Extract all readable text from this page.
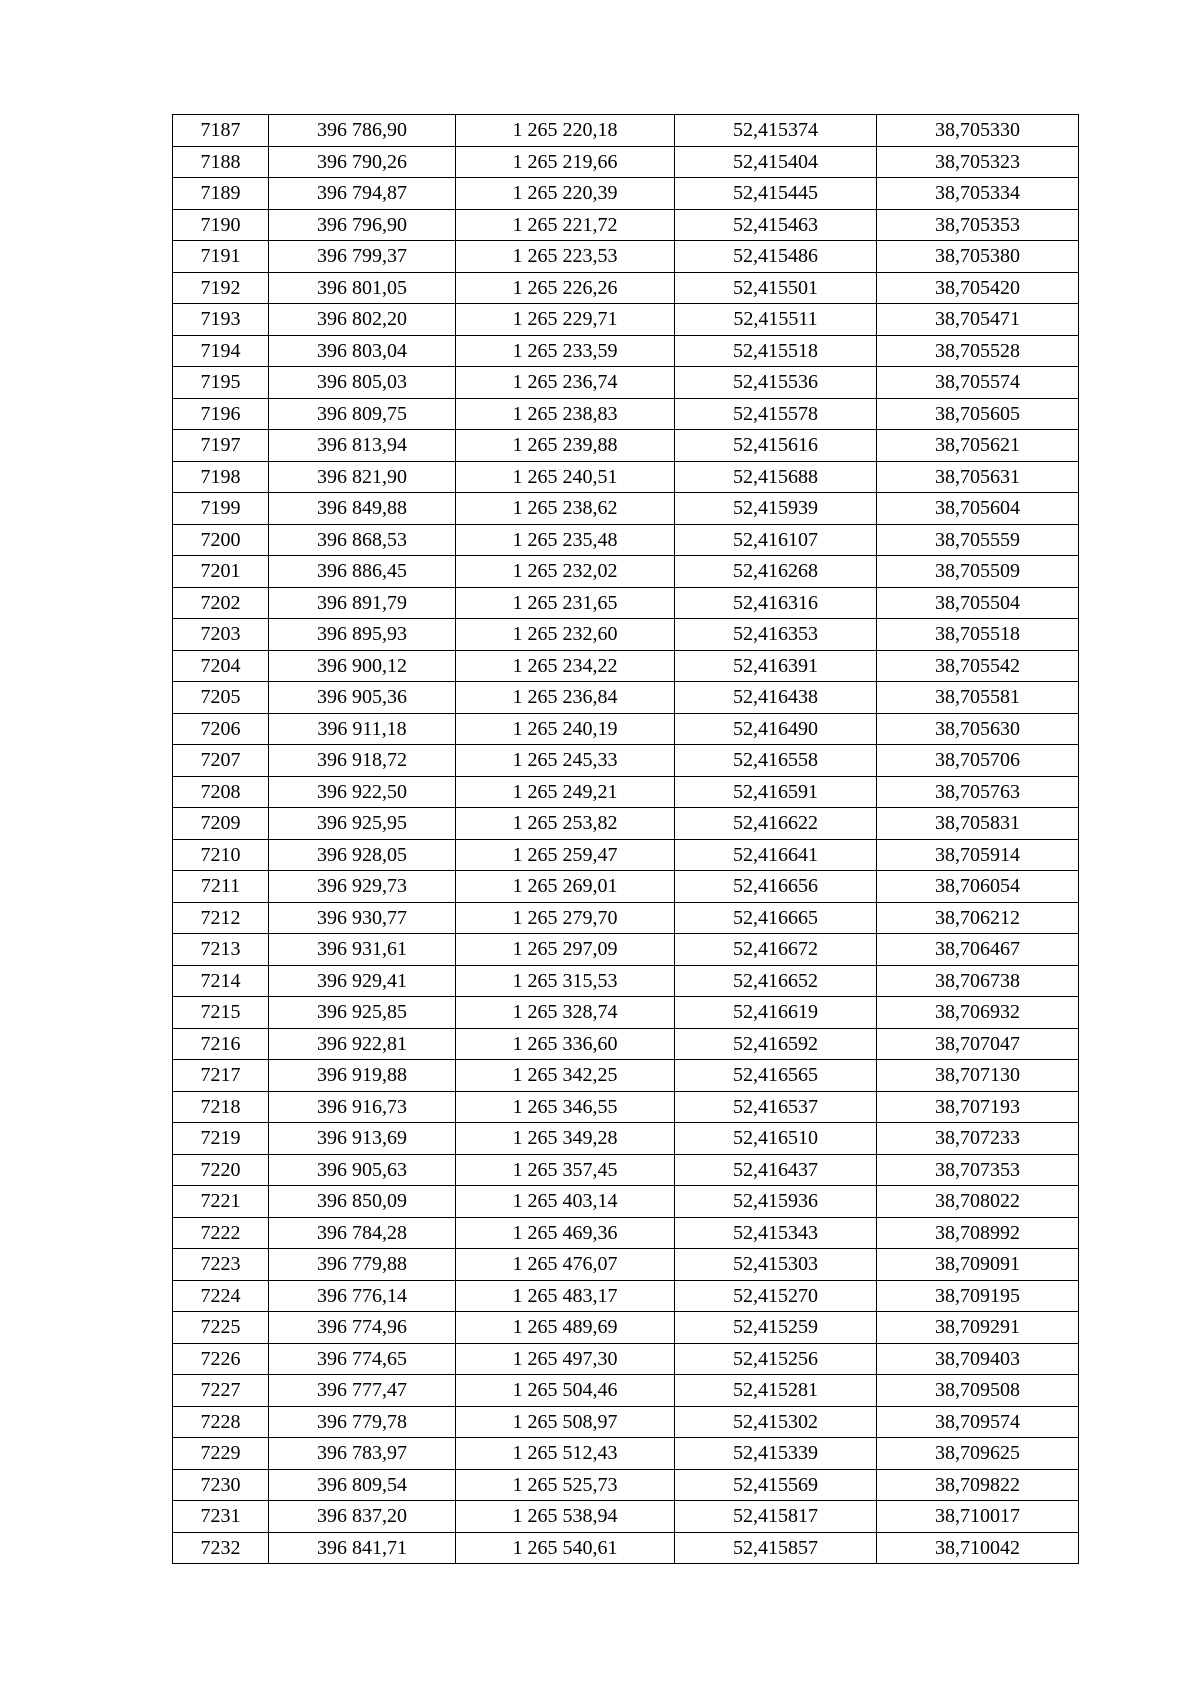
7187	396 786,90	1 265 220,18	52,415374	38,705330
7188	396 790,26	1 265 219,66	52,415404	38,705323
7189	396 794,87	1 265 220,39	52,415445	38,705334
7190	396 796,90	1 265 221,72	52,415463	38,705353
7191	396 799,37	1 265 223,53	52,415486	38,705380
7192	396 801,05	1 265 226,26	52,415501	38,705420
7193	396 802,20	1 265 229,71	52,415511	38,705471
7194	396 803,04	1 265 233,59	52,415518	38,705528
7195	396 805,03	1 265 236,74	52,415536	38,705574
7196	396 809,75	1 265 238,83	52,415578	38,705605
7197	396 813,94	1 265 239,88	52,415616	38,705621
7198	396 821,90	1 265 240,51	52,415688	38,705631
7199	396 849,88	1 265 238,62	52,415939	38,705604
7200	396 868,53	1 265 235,48	52,416107	38,705559
7201	396 886,45	1 265 232,02	52,416268	38,705509
7202	396 891,79	1 265 231,65	52,416316	38,705504
7203	396 895,93	1 265 232,60	52,416353	38,705518
7204	396 900,12	1 265 234,22	52,416391	38,705542
7205	396 905,36	1 265 236,84	52,416438	38,705581
7206	396 911,18	1 265 240,19	52,416490	38,705630
7207	396 918,72	1 265 245,33	52,416558	38,705706
7208	396 922,50	1 265 249,21	52,416591	38,705763
7209	396 925,95	1 265 253,82	52,416622	38,705831
7210	396 928,05	1 265 259,47	52,416641	38,705914
7211	396 929,73	1 265 269,01	52,416656	38,706054
7212	396 930,77	1 265 279,70	52,416665	38,706212
7213	396 931,61	1 265 297,09	52,416672	38,706467
7214	396 929,41	1 265 315,53	52,416652	38,706738
7215	396 925,85	1 265 328,74	52,416619	38,706932
7216	396 922,81	1 265 336,60	52,416592	38,707047
7217	396 919,88	1 265 342,25	52,416565	38,707130
7218	396 916,73	1 265 346,55	52,416537	38,707193
7219	396 913,69	1 265 349,28	52,416510	38,707233
7220	396 905,63	1 265 357,45	52,416437	38,707353
7221	396 850,09	1 265 403,14	52,415936	38,708022
7222	396 784,28	1 265 469,36	52,415343	38,708992
7223	396 779,88	1 265 476,07	52,415303	38,709091
7224	396 776,14	1 265 483,17	52,415270	38,709195
7225	396 774,96	1 265 489,69	52,415259	38,709291
7226	396 774,65	1 265 497,30	52,415256	38,709403
7227	396 777,47	1 265 504,46	52,415281	38,709508
7228	396 779,78	1 265 508,97	52,415302	38,709574
7229	396 783,97	1 265 512,43	52,415339	38,709625
7230	396 809,54	1 265 525,73	52,415569	38,709822
7231	396 837,20	1 265 538,94	52,415817	38,710017
7232	396 841,71	1 265 540,61	52,415857	38,710042
